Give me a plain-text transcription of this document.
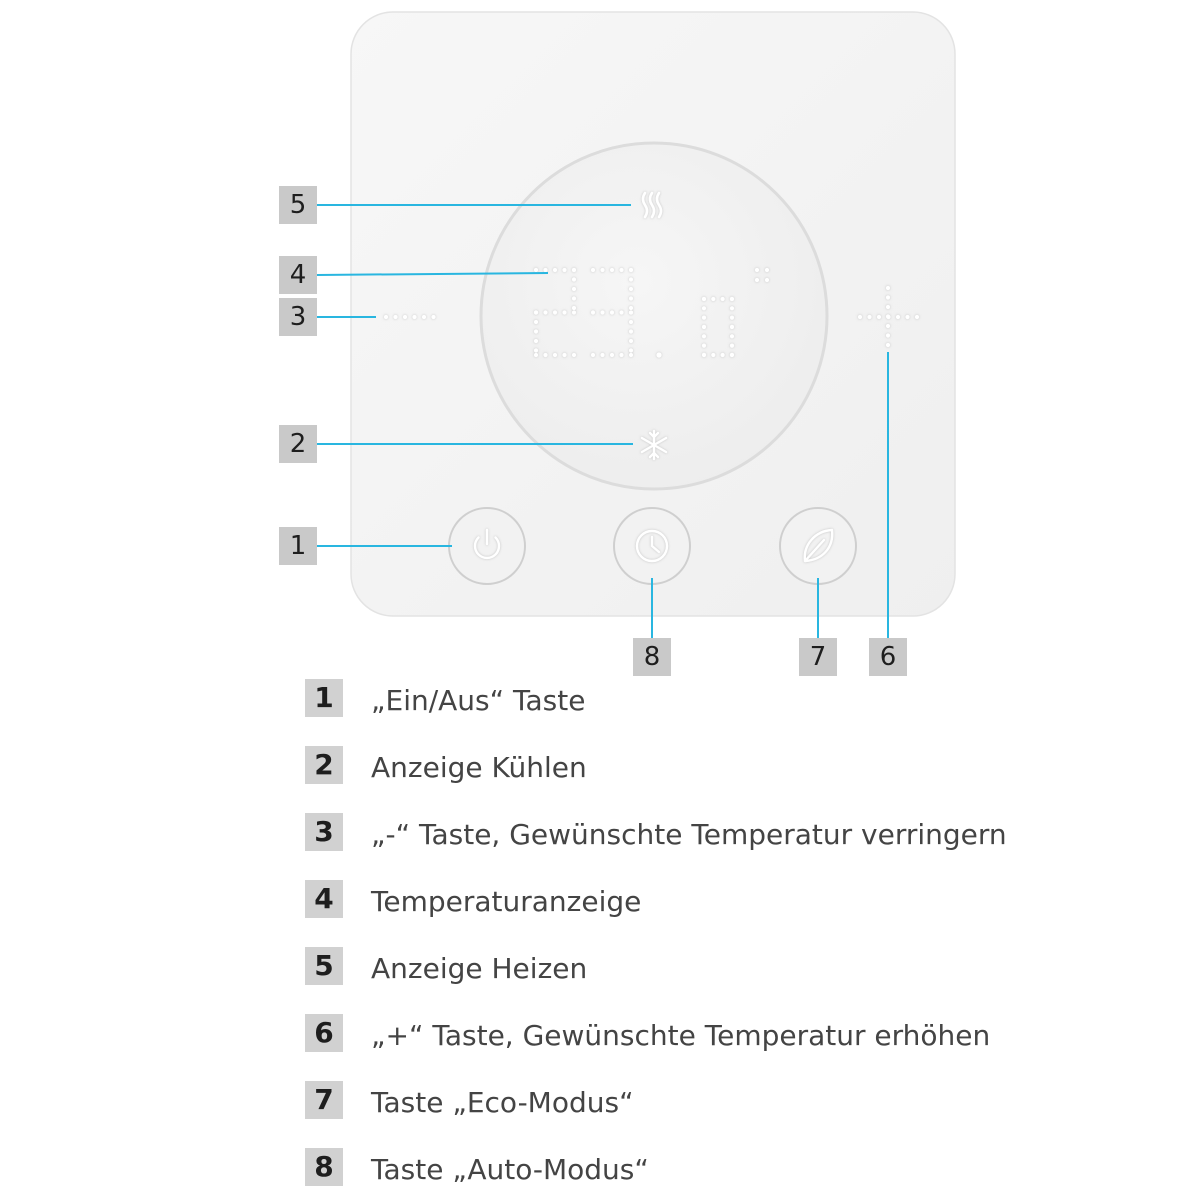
5
4
3
2
1
8	7	6
1	„Ein/Aus“ Taste
2	Anzeige Kühlen
3	„-“ Taste, Gewünschte Temperatur verringern
4	Temperaturanzeige
5	Anzeige Heizen
6	„+“ Taste, Gewünschte Temperatur erhöhen
7	Taste „Eco-Modus“
8	Taste „Auto-Modus“
